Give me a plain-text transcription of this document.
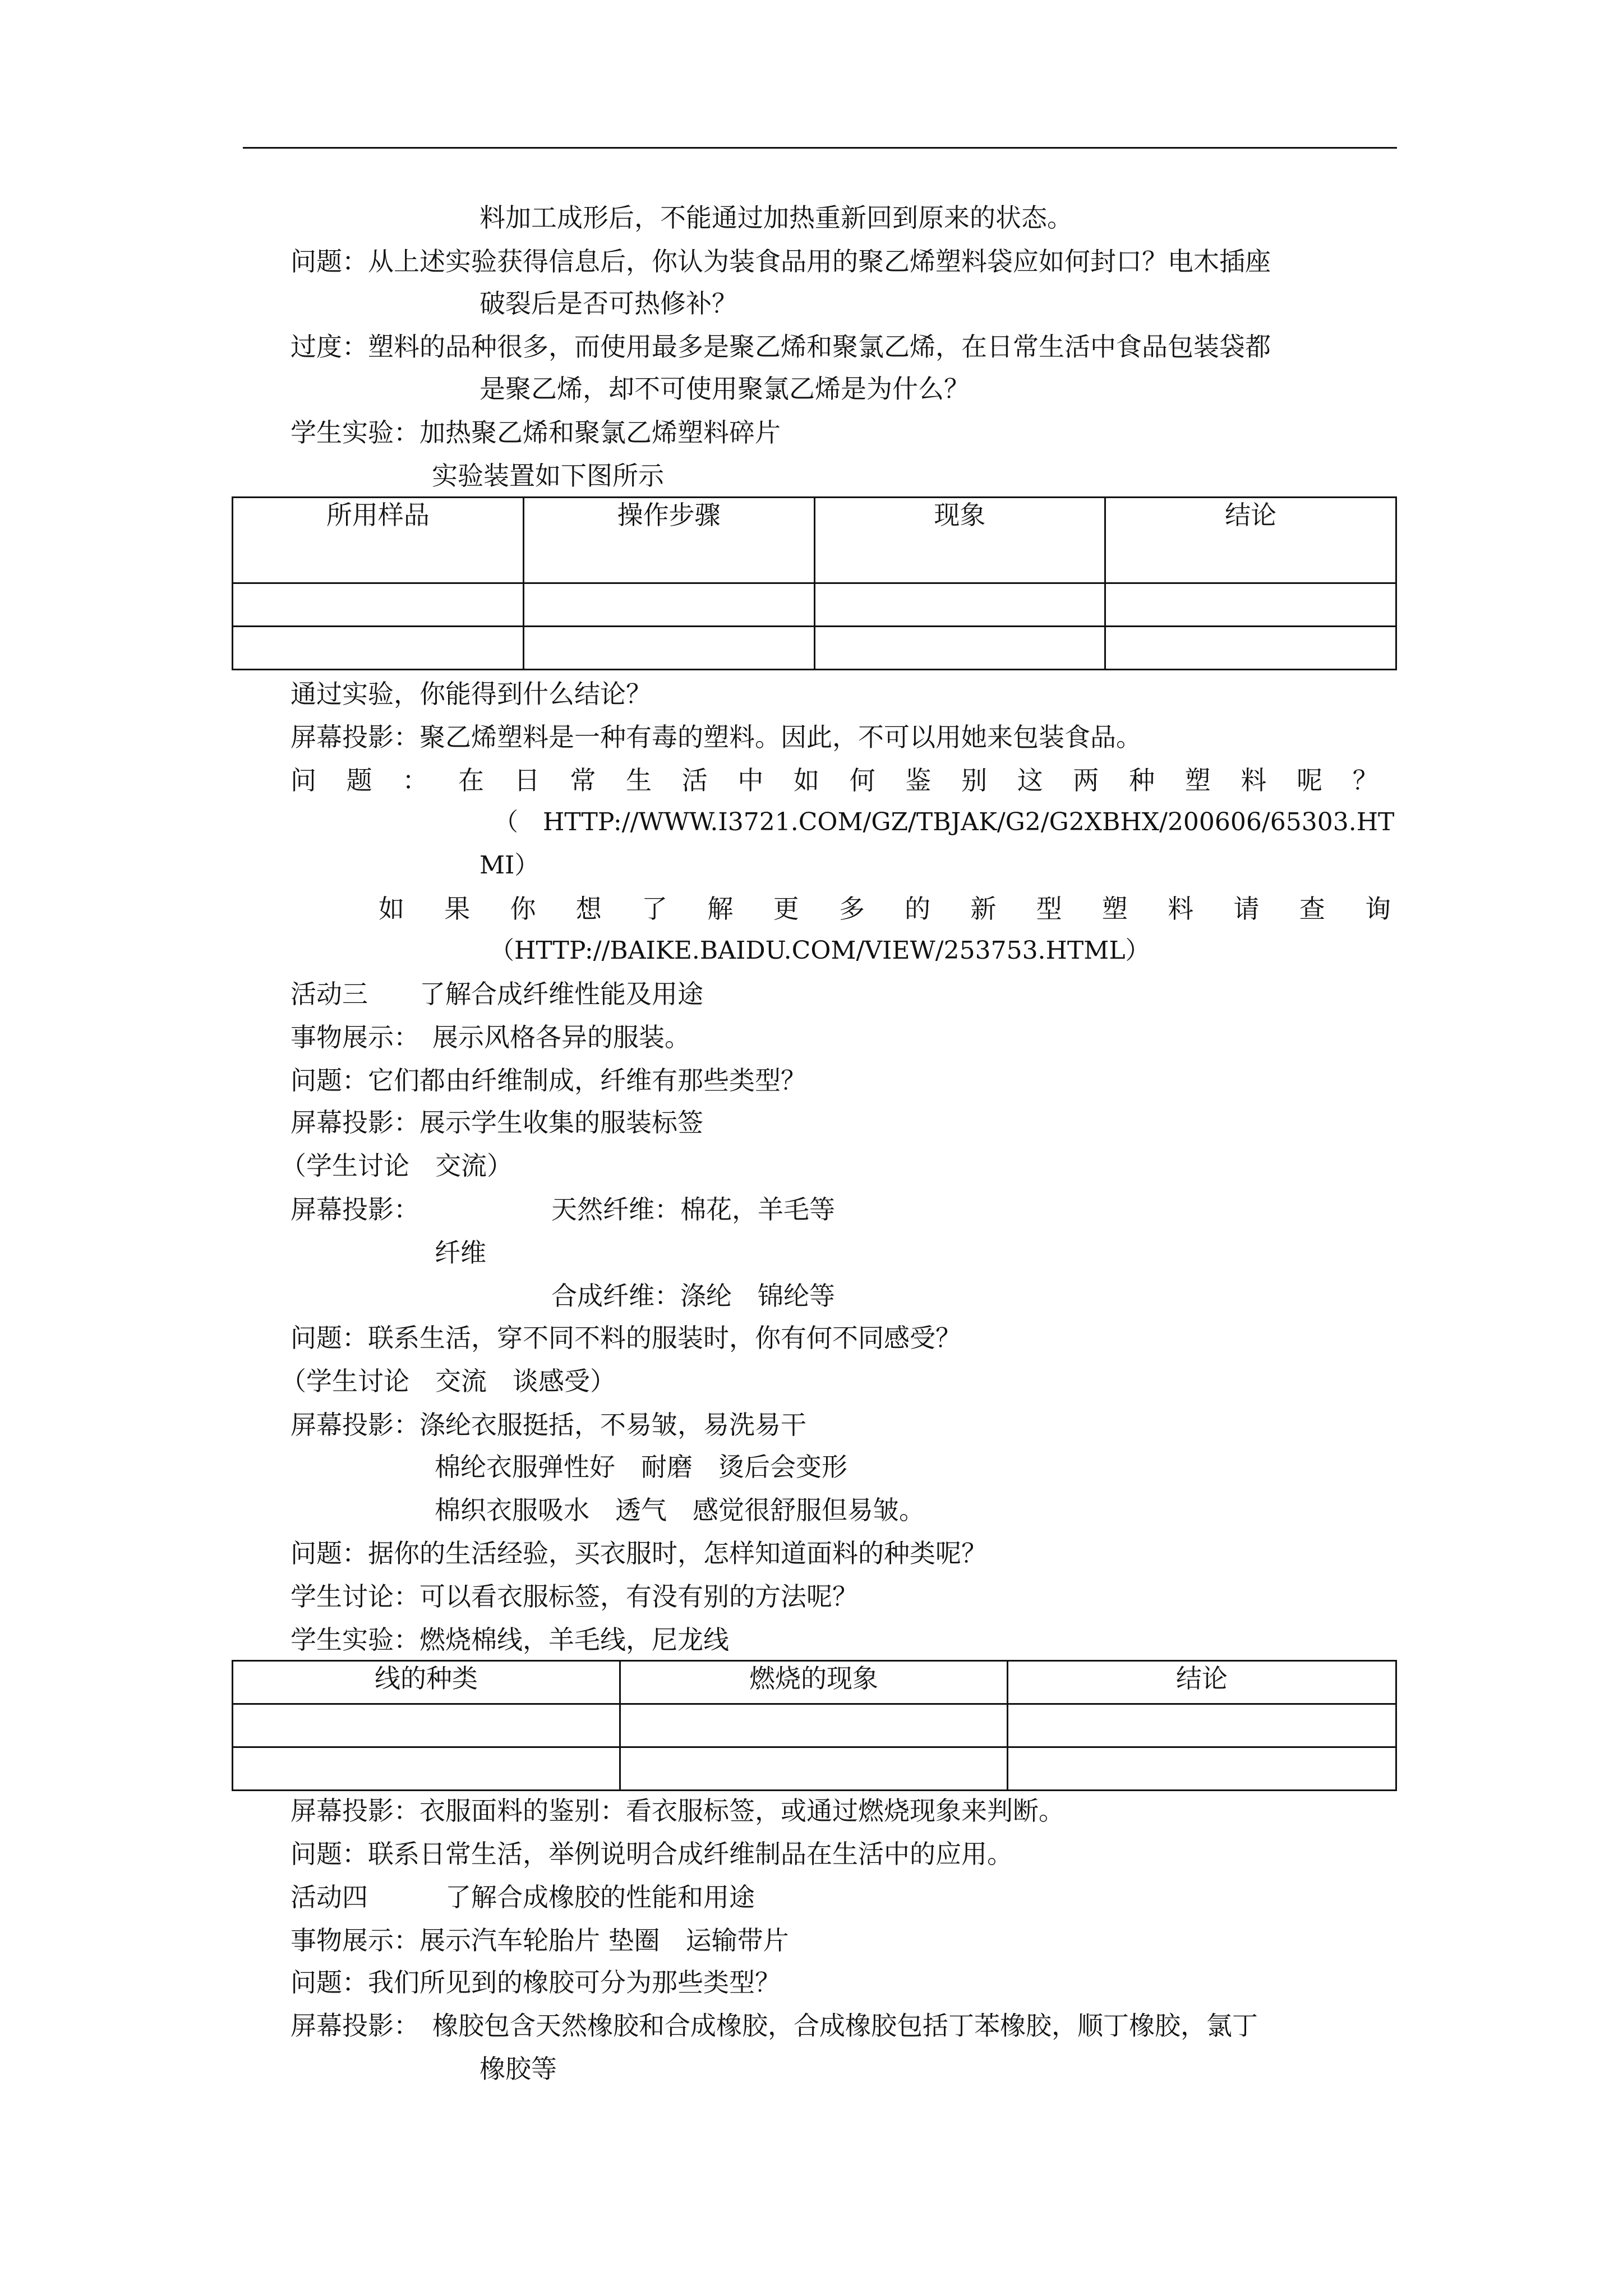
料加工成形后，不能通过加热重新回到原来的状态。
问题：从上述实验获得信息后，你认为装食品用的聚乙烯塑料袋应如何封口？电木插座
破裂后是否可热修补？
过度：塑料的品种很多，而使用最多是聚乙烯和聚氯乙烯，在日常生活中食品包装袋都
是聚乙烯，却不可使用聚氯乙烯是为什么？
学生实验：加热聚乙烯和聚氯乙烯塑料碎片
实验装置如下图所示
所用样品	操作步骤	现象	结论

通过实验，你能得到什么结论？
屏幕投影：聚乙烯塑料是一种有毒的塑料。因此，不可以用她来包装食品。
问 题 ： 在 日 常 生 活 中 如 何 鉴 别 这 两 种 塑 料 呢 ？
（　HTTP://WWW.I3721.COM/GZ/TBJAK/G2/G2XBHX/200606/65303.HT
MI）
如 果 你 想 了 解 更 多 的 新 型 塑 料 请 查 询
（HTTP://BAIKE.BAIDU.COM/VIEW/253753.HTML）
活动三　　了解合成纤维性能及用途
事物展示：　展示风格各异的服装。
问题：它们都由纤维制成，纤维有那些类型？
屏幕投影：展示学生收集的服装标签
（学生讨论　交流）
屏幕投影：	天然纤维：棉花，羊毛等
纤维
合成纤维：涤纶　锦纶等
问题：联系生活，穿不同不料的服装时，你有何不同感受？
（学生讨论　交流　谈感受）
屏幕投影：涤纶衣服挺括，不易皱，易洗易干
棉纶衣服弹性好　耐磨　烫后会变形
棉织衣服吸水　透气　感觉很舒服但易皱。
问题：据你的生活经验，买衣服时，怎样知道面料的种类呢？
学生讨论：可以看衣服标签，有没有别的方法呢？
学生实验：燃烧棉线，羊毛线，尼龙线
线的种类	燃烧的现象	结论

屏幕投影：衣服面料的鉴别：看衣服标签，或通过燃烧现象来判断。
问题：联系日常生活，举例说明合成纤维制品在生活中的应用。
活动四　　　了解合成橡胶的性能和用途
事物展示：展示汽车轮胎片 垫圈　运输带片
问题：我们所见到的橡胶可分为那些类型？
屏幕投影：　橡胶包含天然橡胶和合成橡胶，合成橡胶包括丁苯橡胶，顺丁橡胶，氯丁
橡胶等
